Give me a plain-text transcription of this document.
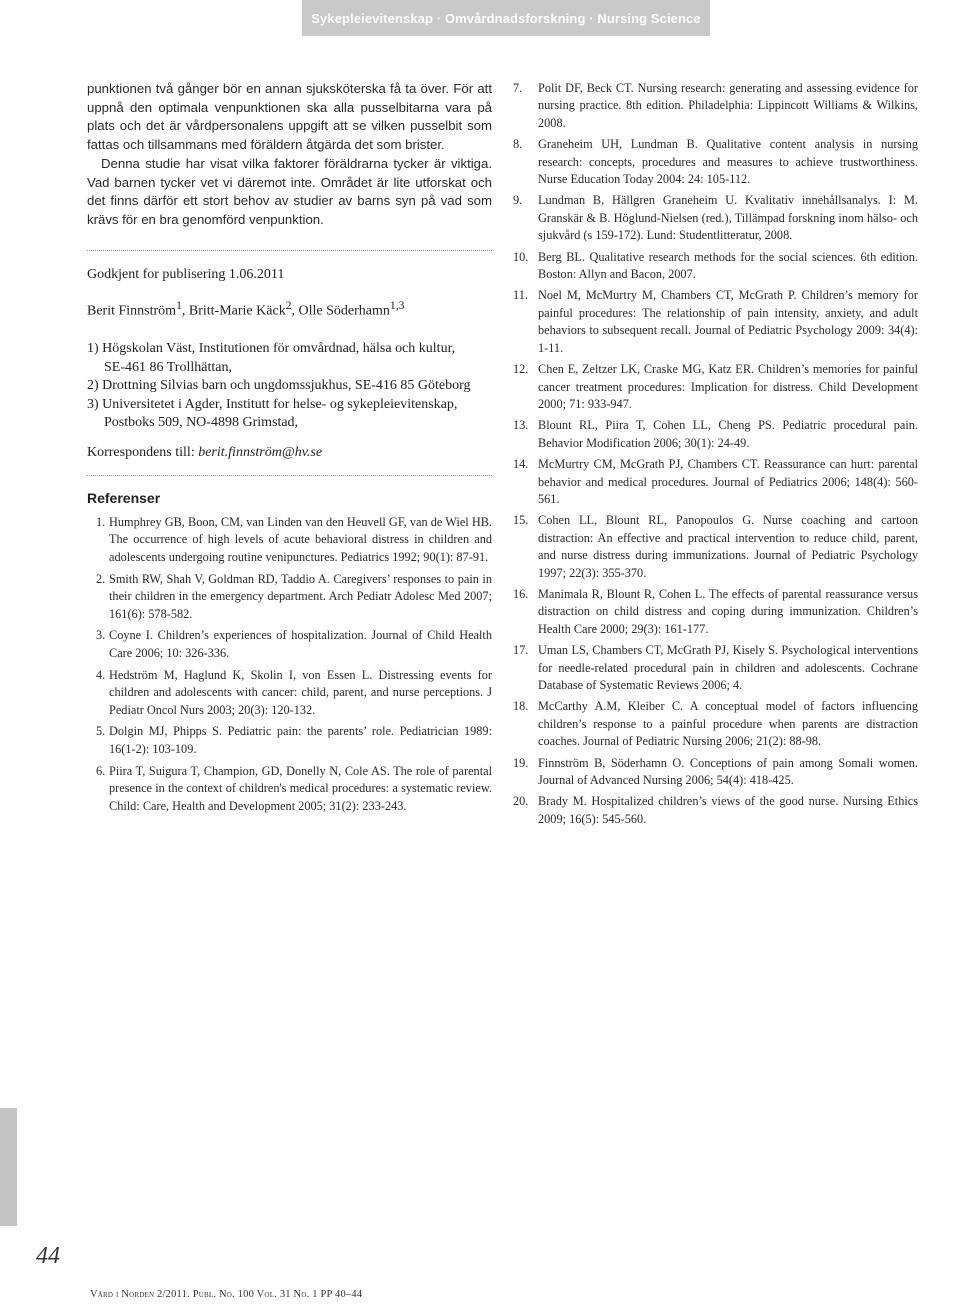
Sykepleievitenskap · Omvårdnadsforskning · Nursing Science

punktionen två gånger bör en annan sjuksköterska få ta över. För att uppnå den optimala venpunktionen ska alla pusselbitarna vara på plats och det är vårdpersonalens uppgift att se vilken pusselbit som fattas och tillsammans med föräldern åtgärda det som brister.

Denna studie har visat vilka faktorer föräldrarna tycker är viktiga. Vad barnen tycker vet vi däremot inte. Området är lite utforskat och det finns därför ett stort behov av studier av barns syn på vad som krävs för en bra genomförd venpunktion.

Godkjent for publisering 1.06.2011

Berit Finnström$^1$, Britt-Marie Käck$^2$, Olle Söderhamn$^{1,3}$

1) Högskolan Väst, Institutionen för omvårdnad, hälsa och kultur,
SE-461 86 Trollhättan,
2) Drottning Silvias barn och ungdomssjukhus, SE-416 85 Göteborg
3) Universitetet i Agder, Institutt for helse- og sykepleievitenskap,
Postboks 509, NO-4898 Grimstad,

Korrespondens till: berit.finnström@hv.se

Referenser
1. Humphrey GB, Boon, CM, van Linden van den Heuvell GF, van de Wiel HB. The occurrence of high levels of acute behavioral distress in children and adolescents undergoing routine venipunctures. Pediatrics 1992; 90(1): 87-91.
2. Smith RW, Shah V, Goldman RD, Taddio A. Caregivers’ responses to pain in their children in the emergency department. Arch Pediatr Adolesc Med 2007; 161(6): 578-582.
3. Coyne I. Children’s experiences of hospitalization. Journal of Child Health Care 2006; 10: 326-336.
4. Hedström M, Haglund K, Skolin I, von Essen L. Distressing events for children and adolescents with cancer: child, parent, and nurse perceptions. J Pediatr Oncol Nurs 2003; 20(3): 120-132.
5. Dolgin MJ, Phipps S. Pediatric pain: the parents’ role. Pediatrician 1989: 16(1-2): 103-109.
6. Piira T, Suigura T, Champion, GD, Donelly N, Cole AS. The role of parental presence in the context of children's medical procedures: a systematic review. Child: Care, Health and Development 2005; 31(2): 233-243.
7. Polit DF, Beck CT. Nursing research: generating and assessing evidence for nursing practice. 8th edition. Philadelphia: Lippincott Williams & Wilkins, 2008.
8. Graneheim UH, Lundman B. Qualitative content analysis in nursing research: concepts, procedures and measures to achieve trustworthiness. Nurse Education Today 2004: 24: 105-112.
9. Lundman B, Hällgren Graneheim U. Kvalitativ innehållsanalys. I: M. Granskär & B. Höglund-Nielsen (red.), Tillämpad forskning inom hälso- och sjukvård (s 159-172). Lund: Studentlitteratur, 2008.
10. Berg BL. Qualitative research methods for the social sciences. 6th edition. Boston: Allyn and Bacon, 2007.
11. Noel M, McMurtry M, Chambers CT, McGrath P. Children’s memory for painful procedures: The relationship of pain intensity, anxiety, and adult behaviors to subsequent recall. Journal of Pediatric Psychology 2009: 34(4): 1-11.
12. Chen E, Zeltzer LK, Craske MG, Katz ER. Children’s memories for painful cancer treatment procedures: Implication for distress. Child Development 2000; 71: 933-947.
13. Blount RL, Piira T, Cohen LL, Cheng PS. Pediatric procedural pain. Behavior Modification 2006; 30(1): 24-49.
14. McMurtry CM, McGrath PJ, Chambers CT. Reassurance can hurt: parental behavior and medical procedures. Journal of Pediatrics 2006; 148(4): 560-561.
15. Cohen LL, Blount RL, Panopoulos G. Nurse coaching and cartoon distraction: An effective and practical intervention to reduce child, parent, and nurse distress during immunizations. Journal of Pediatric Psychology 1997; 22(3): 355-370.
16. Manimala R, Blount R, Cohen L. The effects of parental reassurance versus distraction on child distress and coping during immunization. Children’s Health Care 2000; 29(3): 161-177.
17. Uman LS, Chambers CT, McGrath PJ, Kisely S. Psychological interventions for needle-related procedural pain in children and adolescents. Cochrane Database of Systematic Reviews 2006; 4.
18. McCarthy A.M, Kleiber C. A conceptual model of factors influencing children’s response to a painful procedure when parents are distraction coaches. Journal of Pediatric Nursing 2006; 21(2): 88-98.
19. Finnström B, Söderhamn O. Conceptions of pain among Somali women. Journal of Advanced Nursing 2006; 54(4): 418-425.
20. Brady M. Hospitalized children’s views of the good nurse. Nursing Ethics 2009; 16(5): 545-560.
44
Vård i Norden 2/2011. Publ. No. 100 Vol. 31 No. 1 PP 40–44
